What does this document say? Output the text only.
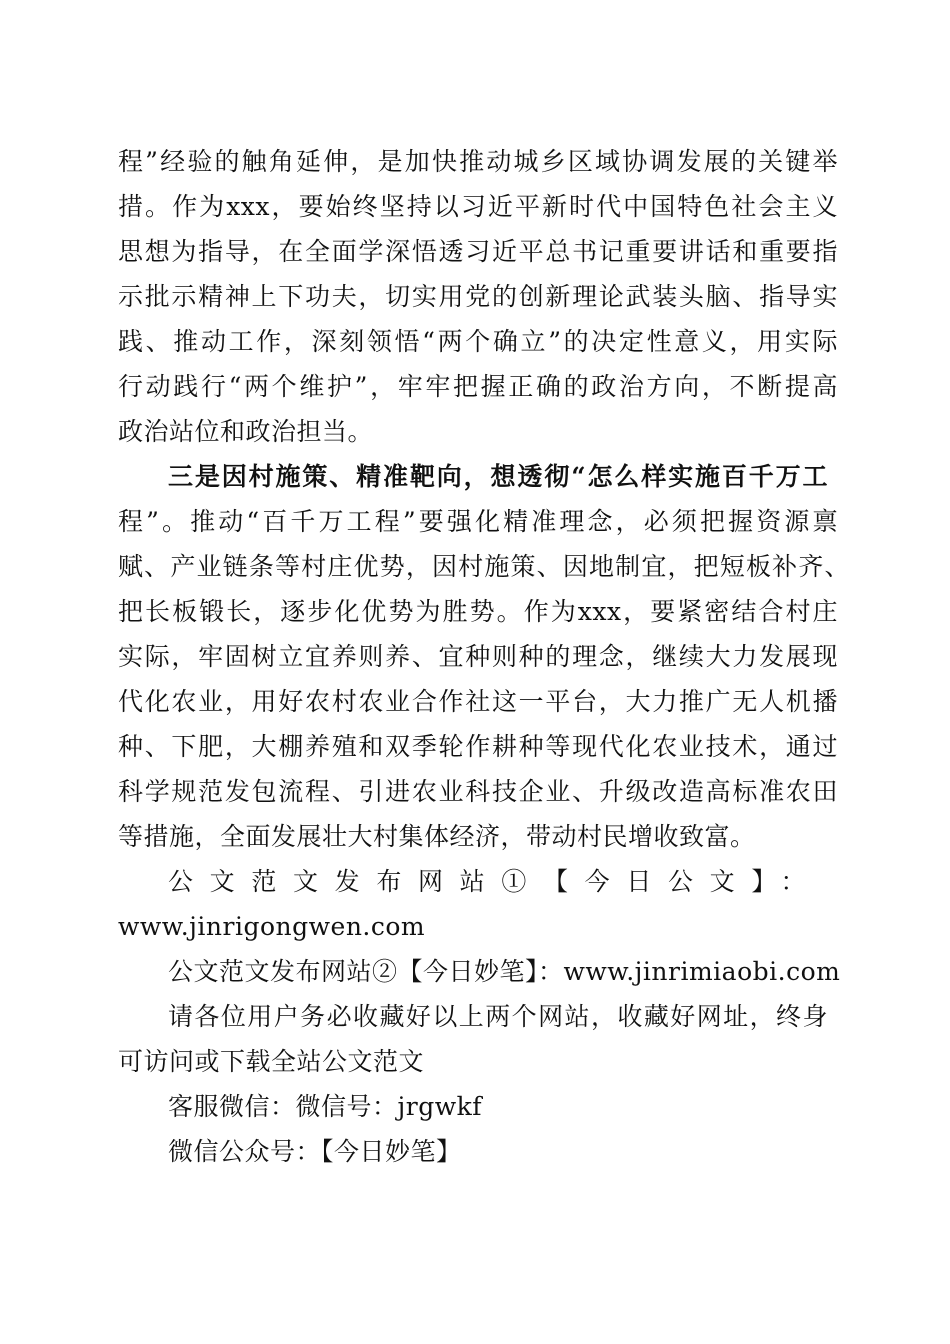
程”经验的触角延伸，是加快推动城乡区域协调发展的关键举
措。作为xxx，要始终坚持以习近平新时代中国特色社会主义
思想为指导，在全面学深悟透习近平总书记重要讲话和重要指
示批示精神上下功夫，切实用党的创新理论武装头脑、指导实
践、推动工作，深刻领悟“两个确立”的决定性意义，用实际
行动践行“两个维护”，牢牢把握正确的政治方向，不断提高
政治站位和政治担当。
三是因村施策、精准靶向，想透彻“怎么样实施百千万工
程”。推动“百千万工程”要强化精准理念，必须把握资源禀
赋、产业链条等村庄优势，因村施策、因地制宜，把短板补齐、
把长板锻长，逐步化优势为胜势。作为xxx，要紧密结合村庄
实际，牢固树立宜养则养、宜种则种的理念，继续大力发展现
代化农业，用好农村农业合作社这一平台，大力推广无人机播
种、下肥，大棚养殖和双季轮作耕种等现代化农业技术，通过
科学规范发包流程、引进农业科技企业、升级改造高标准农田
等措施，全面发展壮大村集体经济，带动村民增收致富。
公文范文发布网站①【今日公文】：
www.jinrigongwen.com
公文范文发布网站②【今日妙笔】：www.jinrimiaobi.com
请各位用户务必收藏好以上两个网站，收藏好网址，终身
可访问或下载全站公文范文
客服微信：微信号：jrgwkf
微信公众号：【今日妙笔】
